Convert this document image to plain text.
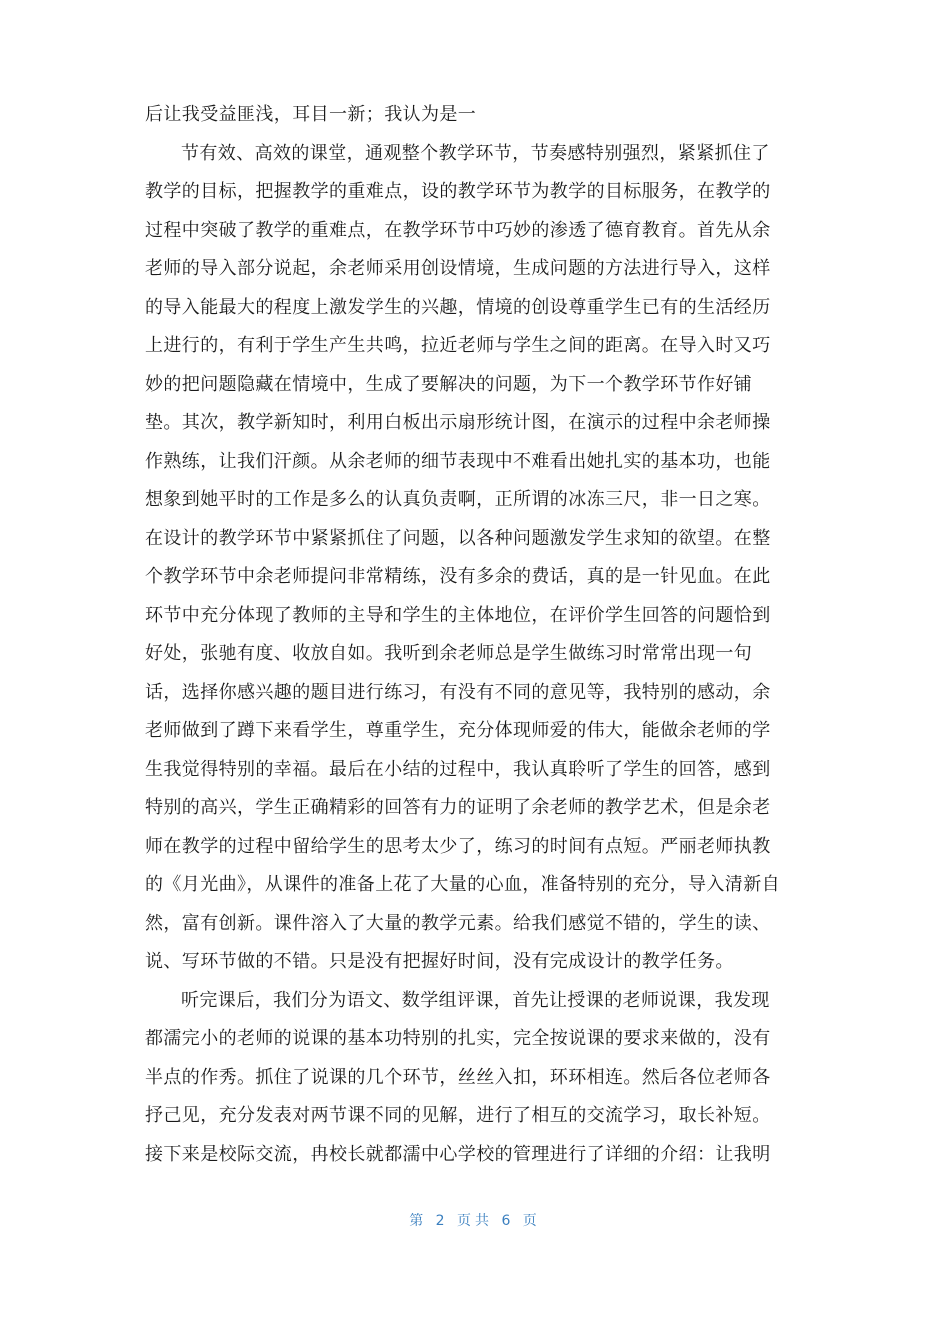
后让我受益匪浅，耳目一新；我认为是一
节有效、高效的课堂，通观整个教学环节，节奏感特别强烈，紧紧抓住了
教学的目标，把握教学的重难点，设的教学环节为教学的目标服务，在教学的
过程中突破了教学的重难点，在教学环节中巧妙的渗透了德育教育。首先从余
老师的导入部分说起，余老师采用创设情境，生成问题的方法进行导入，这样
的导入能最大的程度上激发学生的兴趣，情境的创设尊重学生已有的生活经历
上进行的，有利于学生产生共鸣，拉近老师与学生之间的距离。在导入时又巧
妙的把问题隐藏在情境中，生成了要解决的问题，为下一个教学环节作好铺
垫。其次，教学新知时，利用白板出示扇形统计图，在演示的过程中余老师操
作熟练，让我们汗颜。从余老师的细节表现中不难看出她扎实的基本功，也能
想象到她平时的工作是多么的认真负责啊，正所谓的冰冻三尺，非一日之寒。
在设计的教学环节中紧紧抓住了问题，以各种问题激发学生求知的欲望。在整
个教学环节中余老师提问非常精练，没有多余的费话，真的是一针见血。在此
环节中充分体现了教师的主导和学生的主体地位，在评价学生回答的问题恰到
好处，张驰有度、收放自如。我听到余老师总是学生做练习时常常出现一句
话，选择你感兴趣的题目进行练习，有没有不同的意见等，我特别的感动，余
老师做到了蹲下来看学生，尊重学生，充分体现师爱的伟大，能做余老师的学
生我觉得特别的幸福。最后在小结的过程中，我认真聆听了学生的回答，感到
特别的高兴，学生正确精彩的回答有力的证明了余老师的教学艺术，但是余老
师在教学的过程中留给学生的思考太少了，练习的时间有点短。严丽老师执教
的《月光曲》，从课件的准备上花了大量的心血，准备特别的充分，导入清新自
然，富有创新。课件溶入了大量的教学元素。给我们感觉不错的，学生的读、
说、写环节做的不错。只是没有把握好时间，没有完成设计的教学任务。
听完课后，我们分为语文、数学组评课，首先让授课的老师说课，我发现
都濡完小的老师的说课的基本功特别的扎实，完全按说课的要求来做的，没有
半点的作秀。抓住了说课的几个环节，丝丝入扣，环环相连。然后各位老师各
抒己见，充分发表对两节课不同的见解，进行了相互的交流学习，取长补短。
接下来是校际交流，冉校长就都濡中心学校的管理进行了详细的介绍：让我明
第 2 页共 6 页
